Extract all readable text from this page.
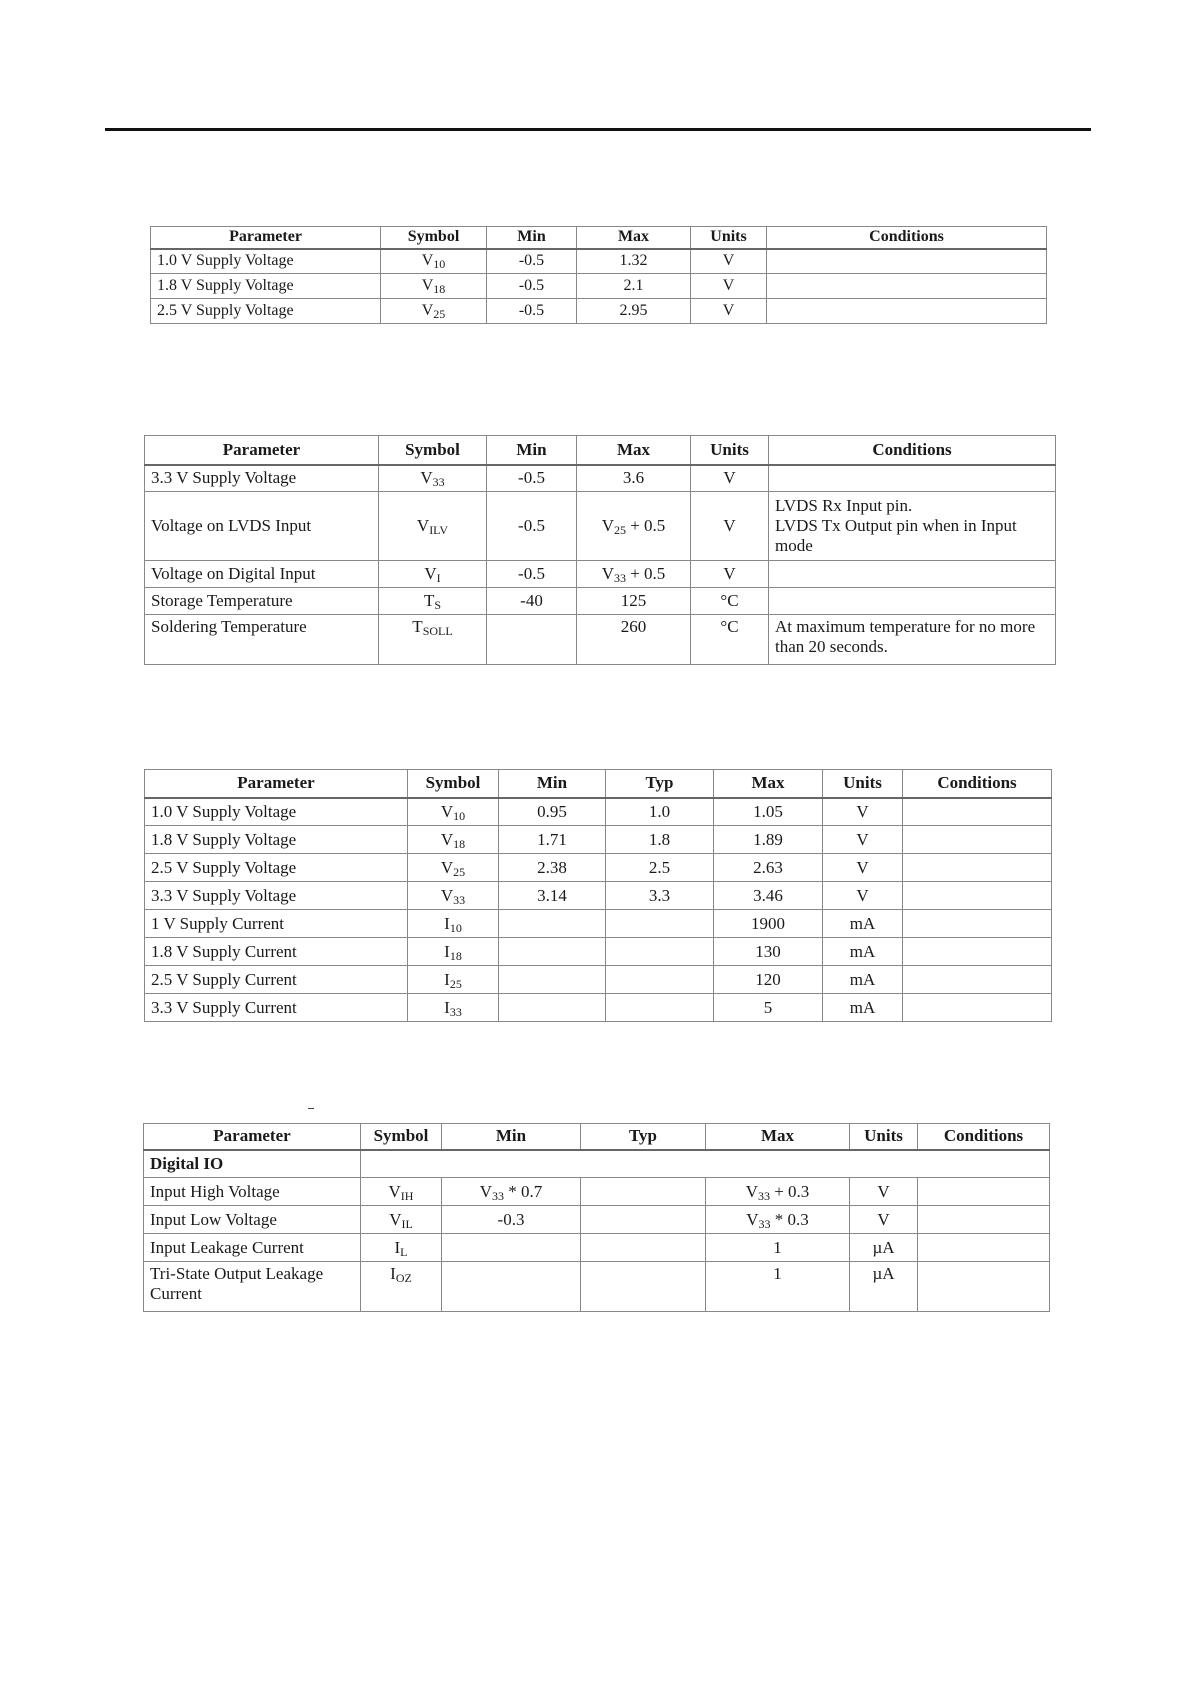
Parameter	Symbol	Min	Max	Units	Conditions
1.0 V Supply Voltage	$V_{10}$	-0.5	1.32	V	
1.8 V Supply Voltage	$V_{18}$	-0.5	2.1	V	
2.5 V Supply Voltage	$V_{25}$	-0.5	2.95	V	
Parameter	Symbol	Min	Max	Units	Conditions
3.3 V Supply Voltage	$V_{33}$	-0.5	3.6	V	
Voltage on LVDS Input	$V_{ILV}$	-0.5	$V_{25} + 0.5$	V	LVDS Rx Input pin.
LVDS Tx Output pin when in Input mode
Voltage on Digital Input	$V_I$	-0.5	$V_{33} + 0.5$	V	
Storage Temperature	$T_S$	-40	125	°C	
Soldering Temperature	$T_{SOLL}$		260	°C	At maximum temperature for no more than 20 seconds.
Parameter	Symbol	Min	Typ	Max	Units	Conditions
1.0 V Supply Voltage	$V_{10}$	0.95	1.0	1.05	V	
1.8 V Supply Voltage	$V_{18}$	1.71	1.8	1.89	V	
2.5 V Supply Voltage	$V_{25}$	2.38	2.5	2.63	V	
3.3 V Supply Voltage	$V_{33}$	3.14	3.3	3.46	V	
1 V Supply Current	$I_{10}$			1900	mA	
1.8 V Supply Current	$I_{18}$			130	mA	
2.5 V Supply Current	$I_{25}$			120	mA	
3.3 V Supply Current	$I_{33}$			5	mA	
Parameter	Symbol	Min	Typ	Max	Units	Conditions
Digital IO						
Input High Voltage	$V_{IH}$	$V_{33} * 0.7$		$V_{33} + 0.3$	V	
Input Low Voltage	$V_{IL}$	-0.3		$V_{33} * 0.3$	V	
Input Leakage Current	$I_L$			1	µA	
Tri-State Output Leakage Current	$I_{OZ}$			1	µA	
